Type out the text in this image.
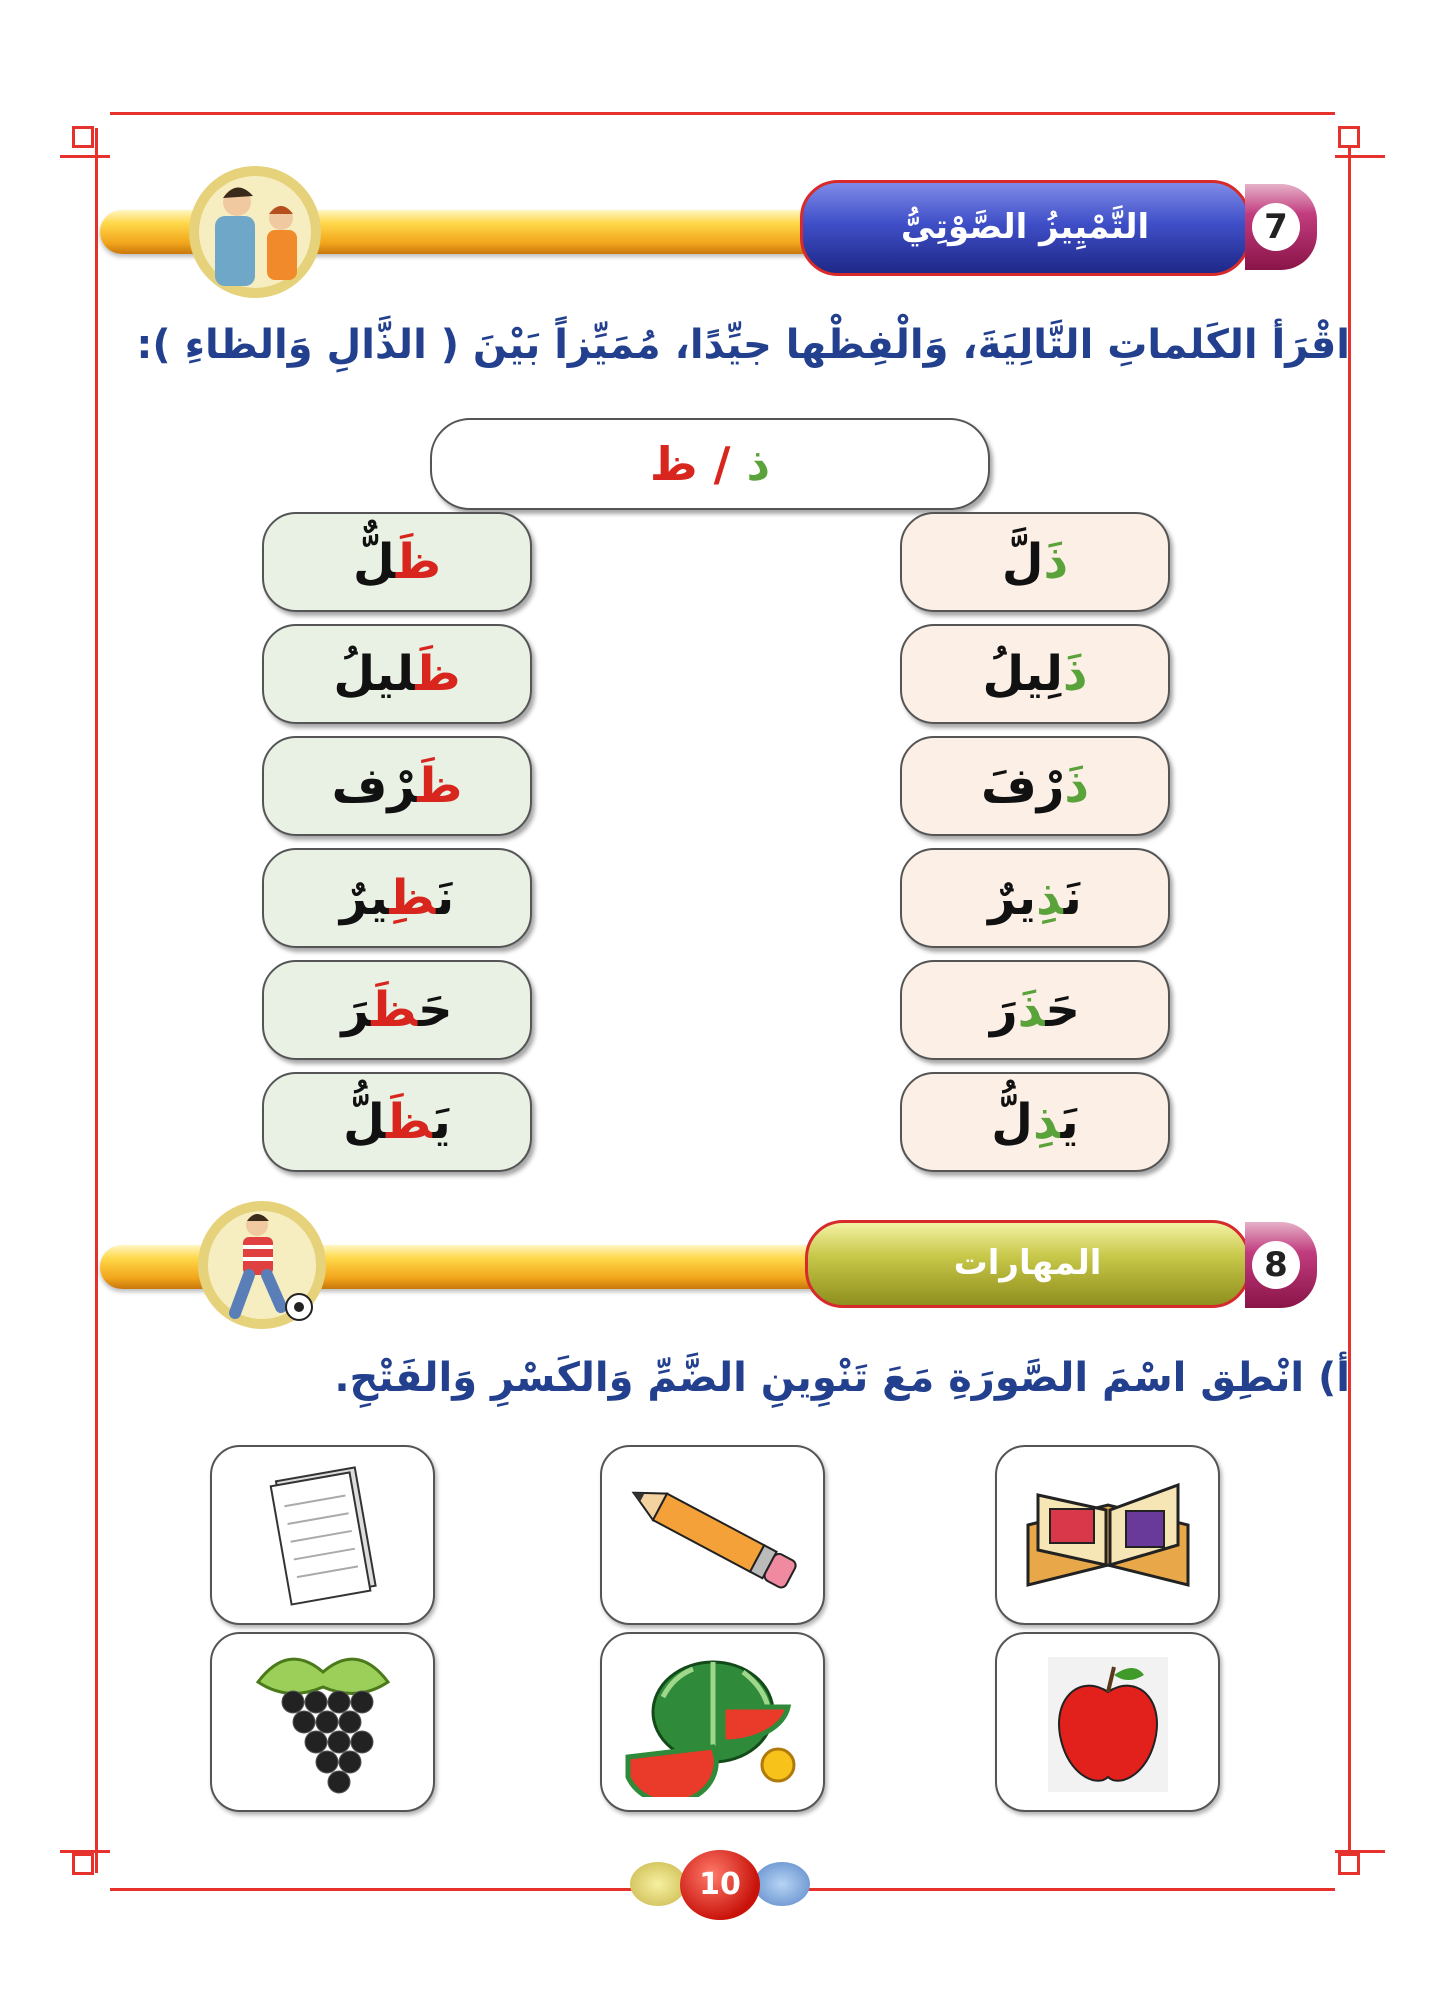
التَّمْيِيزُ الصَّوْتِيُّ	7
اقْرَأ الكَلماتِ التَّالِيَةَ، وَالْفِظْها جيِّدًا، مُمَيِّزاً بَيْنَ ( الذَّالِ وَالظاءِ ):
ذ / ظ
ذَلَّ
ذَلِيلُ
ذَرْفَ
نَذِيرٌ
حَذَرَ
يَذِلُّ
ظَلٌّ
ظَليلُ
ظَرْف
نَظِيرٌ
حَظَرَ
يَظَلُّ
المهارات	8
أ) انْطِق اسْمَ الصَّورَةِ مَعَ تَنْوِينِ الضَّمِّ وَالكَسْرِ وَالفَتْحِ.
10
